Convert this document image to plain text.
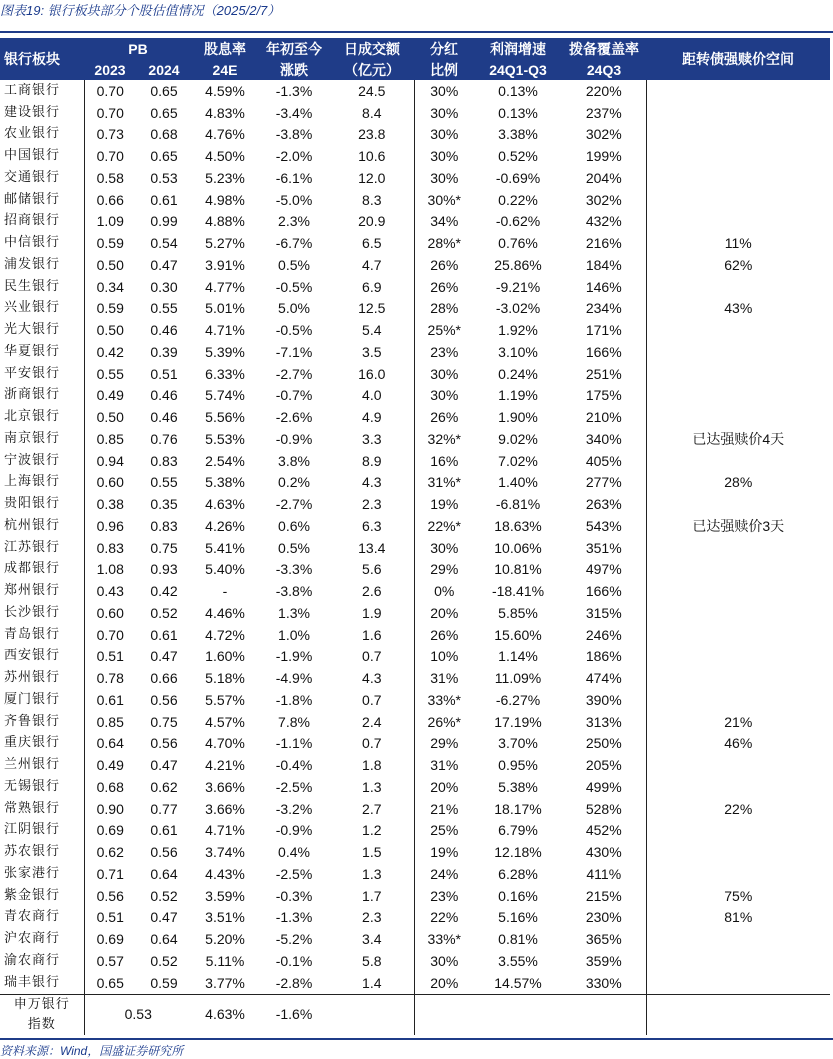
图表19: 银行板块部分个股估值情况（2025/2/7）
银行板块	PB		股息率	年初至今	日成交额	分红	利润增速	拨备覆盖率	距转债强赎价空间
	2023	2024	24E	涨跌	（亿元）	比例	24Q1-Q3	24Q3	
工商银行	0.70	0.65	4.59%	-1.3%	24.5	30%	0.13%	220%	
建设银行	0.70	0.65	4.83%	-3.4%	8.4	30%	0.13%	237%	
农业银行	0.73	0.68	4.76%	-3.8%	23.8	30%	3.38%	302%	
中国银行	0.70	0.65	4.50%	-2.0%	10.6	30%	0.52%	199%	
交通银行	0.58	0.53	5.23%	-6.1%	12.0	30%	-0.69%	204%	
邮储银行	0.66	0.61	4.98%	-5.0%	8.3	30%*	0.22%	302%	
招商银行	1.09	0.99	4.88%	2.3%	20.9	34%	-0.62%	432%	
中信银行	0.59	0.54	5.27%	-6.7%	6.5	28%*	0.76%	216%	11%
浦发银行	0.50	0.47	3.91%	0.5%	4.7	26%	25.86%	184%	62%
民生银行	0.34	0.30	4.77%	-0.5%	6.9	26%	-9.21%	146%	
兴业银行	0.59	0.55	5.01%	5.0%	12.5	28%	-3.02%	234%	43%
光大银行	0.50	0.46	4.71%	-0.5%	5.4	25%*	1.92%	171%	
华夏银行	0.42	0.39	5.39%	-7.1%	3.5	23%	3.10%	166%	
平安银行	0.55	0.51	6.33%	-2.7%	16.0	30%	0.24%	251%	
浙商银行	0.49	0.46	5.74%	-0.7%	4.0	30%	1.19%	175%	
北京银行	0.50	0.46	5.56%	-2.6%	4.9	26%	1.90%	210%	
南京银行	0.85	0.76	5.53%	-0.9%	3.3	32%*	9.02%	340%	已达强赎价4天
宁波银行	0.94	0.83	2.54%	3.8%	8.9	16%	7.02%	405%	
上海银行	0.60	0.55	5.38%	0.2%	4.3	31%*	1.40%	277%	28%
贵阳银行	0.38	0.35	4.63%	-2.7%	2.3	19%	-6.81%	263%	
杭州银行	0.96	0.83	4.26%	0.6%	6.3	22%*	18.63%	543%	已达强赎价3天
江苏银行	0.83	0.75	5.41%	0.5%	13.4	30%	10.06%	351%	
成都银行	1.08	0.93	5.40%	-3.3%	5.6	29%	10.81%	497%	
郑州银行	0.43	0.42	-	-3.8%	2.6	0%	-18.41%	166%	
长沙银行	0.60	0.52	4.46%	1.3%	1.9	20%	5.85%	315%	
青岛银行	0.70	0.61	4.72%	1.0%	1.6	26%	15.60%	246%	
西安银行	0.51	0.47	1.60%	-1.9%	0.7	10%	1.14%	186%	
苏州银行	0.78	0.66	5.18%	-4.9%	4.3	31%	11.09%	474%	
厦门银行	0.61	0.56	5.57%	-1.8%	0.7	33%*	-6.27%	390%	
齐鲁银行	0.85	0.75	4.57%	7.8%	2.4	26%*	17.19%	313%	21%
重庆银行	0.64	0.56	4.70%	-1.1%	0.7	29%	3.70%	250%	46%
兰州银行	0.49	0.47	4.21%	-0.4%	1.8	31%	0.95%	205%	
无锡银行	0.68	0.62	3.66%	-2.5%	1.3	20%	5.38%	499%	
常熟银行	0.90	0.77	3.66%	-3.2%	2.7	21%	18.17%	528%	22%
江阴银行	0.69	0.61	4.71%	-0.9%	1.2	25%	6.79%	452%	
苏农银行	0.62	0.56	3.74%	0.4%	1.5	19%	12.18%	430%	
张家港行	0.71	0.64	4.43%	-2.5%	1.3	24%	6.28%	411%	
紫金银行	0.56	0.52	3.59%	-0.3%	1.7	23%	0.16%	215%	75%
青农商行	0.51	0.47	3.51%	-1.3%	2.3	22%	5.16%	230%	81%
沪农商行	0.69	0.64	5.20%	-5.2%	3.4	33%*	0.81%	365%	
渝农商行	0.57	0.52	5.11%	-0.1%	5.8	30%	3.55%	359%	
瑞丰银行	0.65	0.59	3.77%	-2.8%	1.4	20%	14.57%	330%	
申万银行	0.53		4.63%	-1.6%					
指数									
资料来源：Wind，国盛证券研究所
